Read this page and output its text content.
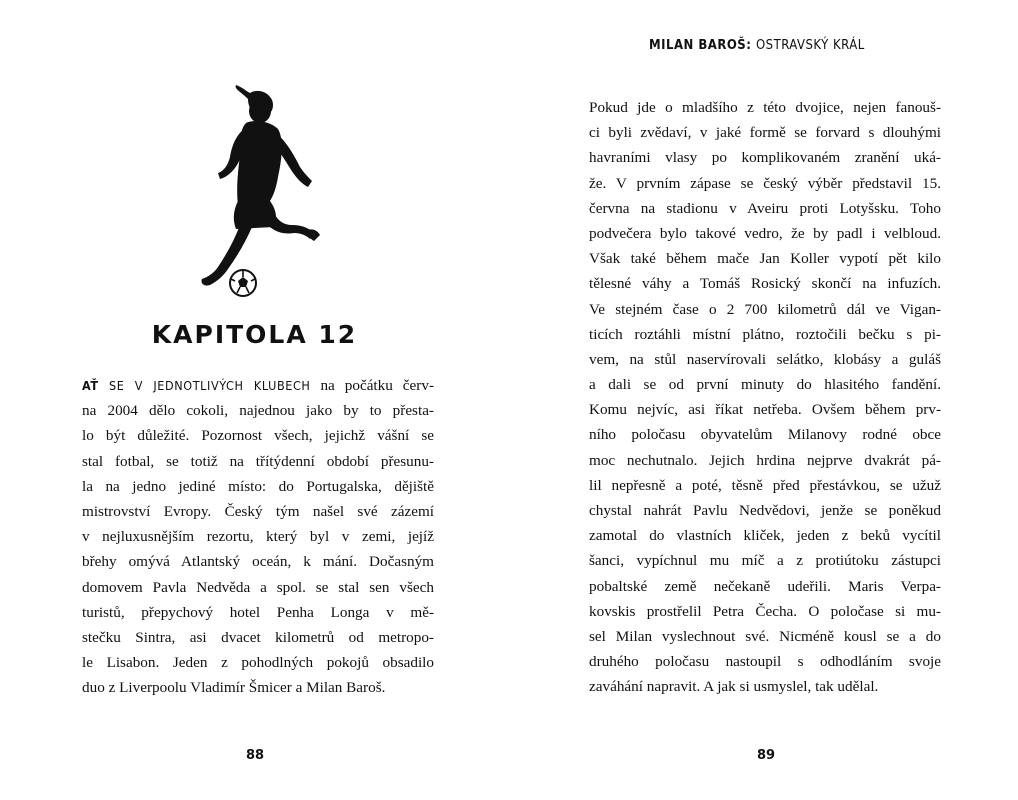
KAPITOLA 12
AŤ SE V JEDNOTLIVÝCH KLUBECH na počátku červ-
na 2004 dělo cokoli, najednou jako by to přesta-
lo být důležité. Pozornost všech, jejichž vášní se
stal fotbal, se totiž na třítýdenní období přesunu-
la na jedno jediné místo: do Portugalska, dějiště
mistrovství Evropy. Český tým našel své zázemí
v nejluxusnějším rezortu, který byl v zemi, jejíž
břehy omývá Atlantský oceán, k mání. Dočasným
domovem Pavla Nedvěda a spol. se stal sen všech
turistů, přepychový hotel Penha Longa v mě-
stečku Sintra, asi dvacet kilometrů od metropo-
le Lisabon. Jeden z pohodlných pokojů obsadilo
duo z Liverpoolu Vladimír Šmicer a Milan Baroš.
88
MILAN BAROŠ: OSTRAVSKÝ KRÁL
Pokud jde o mladšího z této dvojice, nejen fanouš-
ci byli zvědaví, v jaké formě se forvard s dlouhými
havraními vlasy po komplikovaném zranění uká-
že. V prvním zápase se český výběr představil 15.
června na stadionu v Aveiru proti Lotyšsku. Toho
podvečera bylo takové vedro, že by padl i velbloud.
Však také během mače Jan Koller vypotí pět kilo
tělesné váhy a Tomáš Rosický skončí na infuzích.
Ve stejném čase o 2 700 kilometrů dál ve Vigan-
ticích roztáhli místní plátno, roztočili bečku s pi-
vem, na stůl naservírovali selátko, klobásy a guláš
a dali se od první minuty do hlasitého fandění.
Komu nejvíc, asi říkat netřeba. Ovšem během prv-
ního poločasu obyvatelům Milanovy rodné obce
moc nechutnalo. Jejich hrdina nejprve dvakrát pá-
lil nepřesně a poté, těsně před přestávkou, se užuž
chystal nahrát Pavlu Nedvědovi, jenže se poněkud
zamotal do vlastních kliček, jeden z beků vycítil
šanci, vypíchnul mu míč a z protiútoku zástupci
pobaltské země nečekaně udeřili. Maris Verpa-
kovskis prostřelil Petra Čecha. O poločase si mu-
sel Milan vyslechnout své. Nicméně kousl se a do
druhého poločasu nastoupil s odhodláním svoje
zaváhání napravit. A jak si usmyslel, tak udělal.
89
